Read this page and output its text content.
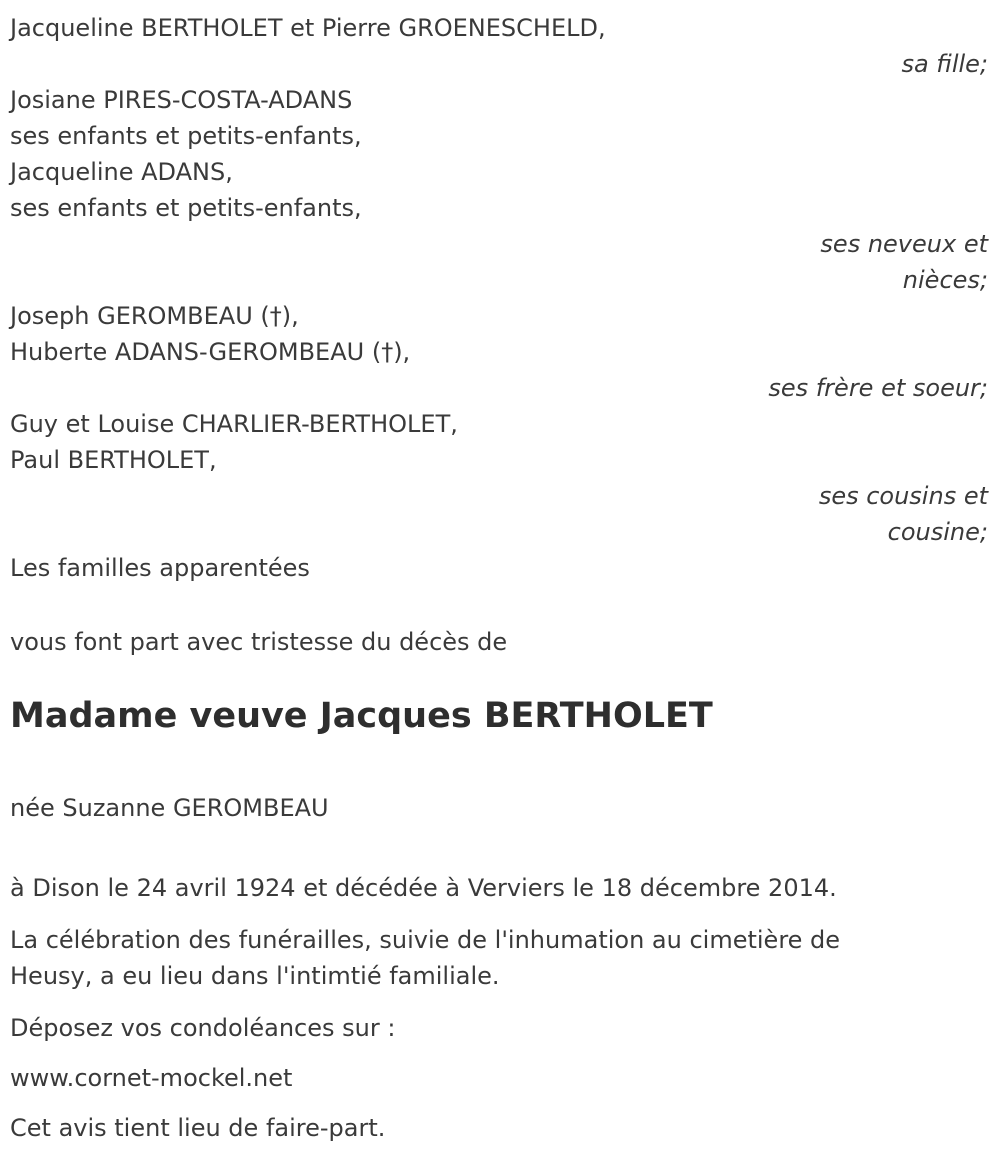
Jacqueline BERTHOLET et Pierre GROENESCHELD,
sa fille;
Josiane PIRES-COSTA-ADANS
ses enfants et petits-enfants,
Jacqueline ADANS,
ses enfants et petits-enfants,
ses neveux et
nièces;
Joseph GEROMBEAU (†),
Huberte ADANS-GEROMBEAU (†),
ses frère et soeur;
Guy et Louise CHARLIER-BERTHOLET,
Paul BERTHOLET,
ses cousins et
cousine;
Les familles apparentées
vous font part avec tristesse du décès de
Madame veuve Jacques BERTHOLET
née Suzanne GEROMBEAU
à Dison le 24 avril 1924 et décédée à Verviers le 18 décembre 2014.
La célébration des funérailles, suivie de l'inhumation au cimetière de Heusy, a eu lieu dans l'intimtié familiale.
Déposez vos condoléances sur :
www.cornet-mockel.net
Cet avis tient lieu de faire-part.
